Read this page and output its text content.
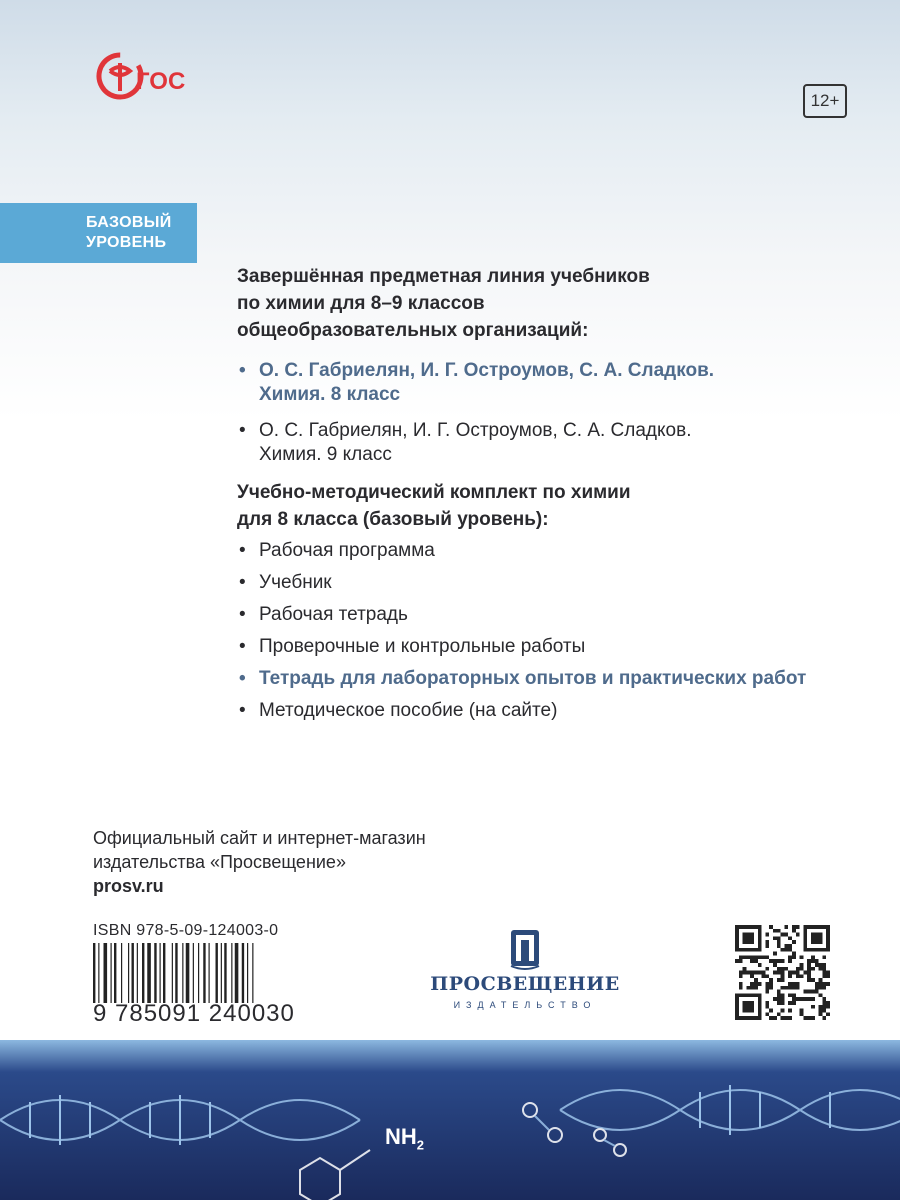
ГОС
12+
БАЗОВЫЙ
УРОВЕНЬ

Завершённая предметная линия учебников
по химии для 8–9 классов
общеобразовательных организаций:

• О. С. Габриелян, И. Г. Остроумов, С. А. Сладков.
Химия. 8 класс
• О. С. Габриелян, И. Г. Остроумов, С. А. Сладков.
Химия. 9 класс

Учебно-методический комплект по химии
для 8 класса (базовый уровень):

• Рабочая программа
• Учебник
• Рабочая тетрадь
• Проверочные и контрольные работы
• Тетрадь для лабораторных опытов и практических работ
• Методическое пособие (на сайте)
Официальный сайт и интернет-магазин
издательства «Просвещение»
prosv.ru
ISBN 978-5-09-124003-0
9 785091 240030
ПРОСВЕЩЕНИЕ
ИЗДАТЕЛЬСТВО
$NH_2$
